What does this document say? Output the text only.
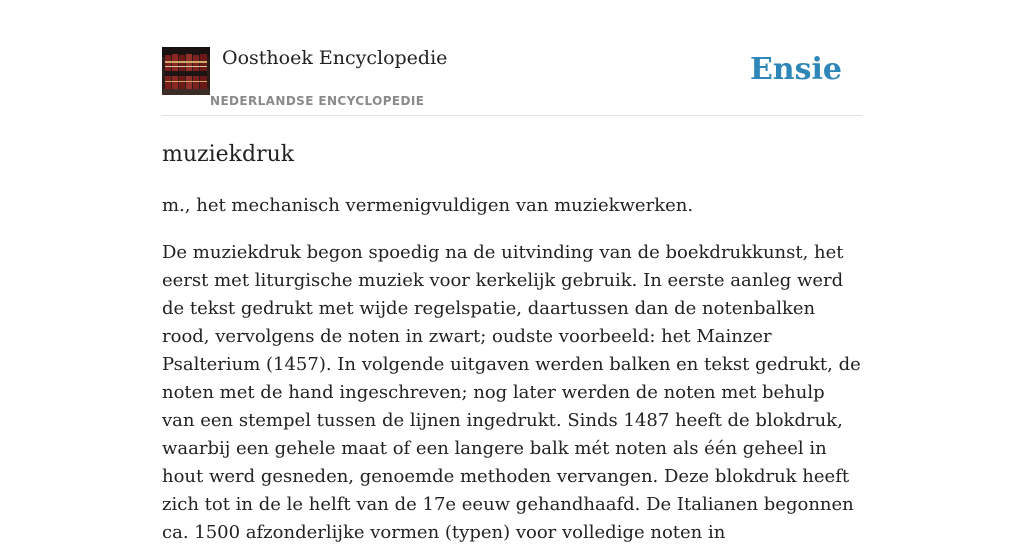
Oosthoek Encyclopedie
NEDERLANDSE ENCYCLOPEDIE
Ensie
muziekdruk

m., het mechanisch vermenigvuldigen van muziekwerken.

De muziekdruk begon spoedig na de uitvinding van de boekdrukkunst, het eerst met liturgische muziek voor kerkelijk gebruik. In eerste aanleg werd de tekst gedrukt met wijde regelspatie, daartussen dan de notenbalken rood, vervolgens de noten in zwart; oudste voorbeeld: het Mainzer Psalterium (1457). In volgende uitgaven werden balken en tekst gedrukt, de noten met de hand ingeschreven; nog later werden de noten met behulp van een stempel tussen de lijnen ingedrukt. Sinds 1487 heeft de blokdruk, waarbij een gehele maat of een langere balk mét noten als één geheel in hout werd gesneden, genoemde methoden vervangen. Deze blokdruk heeft zich tot in de le helft van de 17e eeuw gehandhaafd. De Italianen begonnen ca. 1500 afzonderlijke vormen (typen) voor volledige noten in
